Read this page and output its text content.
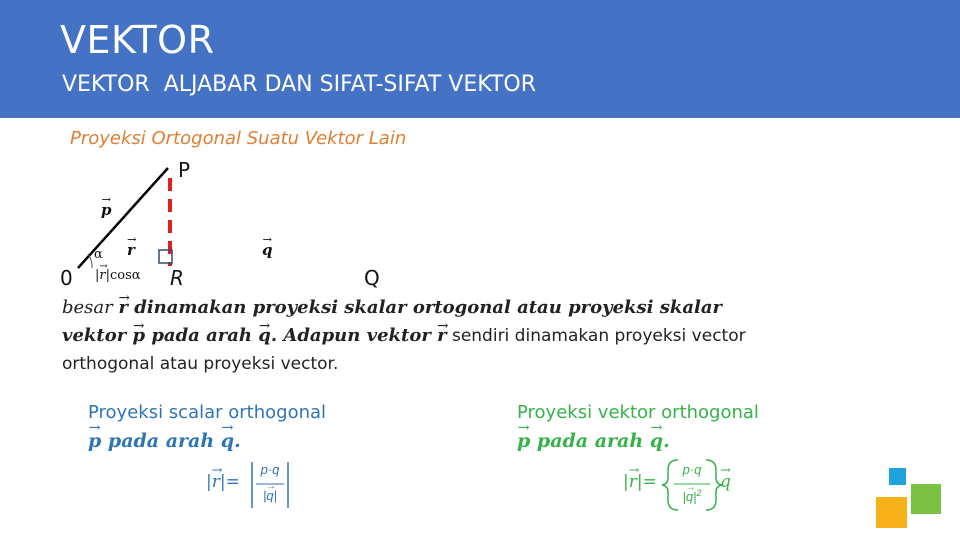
VEKTOR
VEKTOR  ALJABAR DAN SIFAT-SIFAT VEKTOR
Proyeksi Ortogonal Suatu Vektor Lain
P
0	R	Q
→ p
→ r
→	q
α
|→ r|cosα
besar → r dinamakan proyeksi skalar ortogonal atau proyeksi skalar
vektor → p pada arah → q. Adapun vektor → r sendiri dinamakan proyeksi vector
orthogonal atau proyeksi vector.
Proyeksi scalar orthogonal
→ p pada arah → q.
|→ r|=
p·q
|→ q|
Proyeksi vektor orthogonal
→ p pada arah → q.
|→ r|=
p·q
|→ $q|^2$
→ q
